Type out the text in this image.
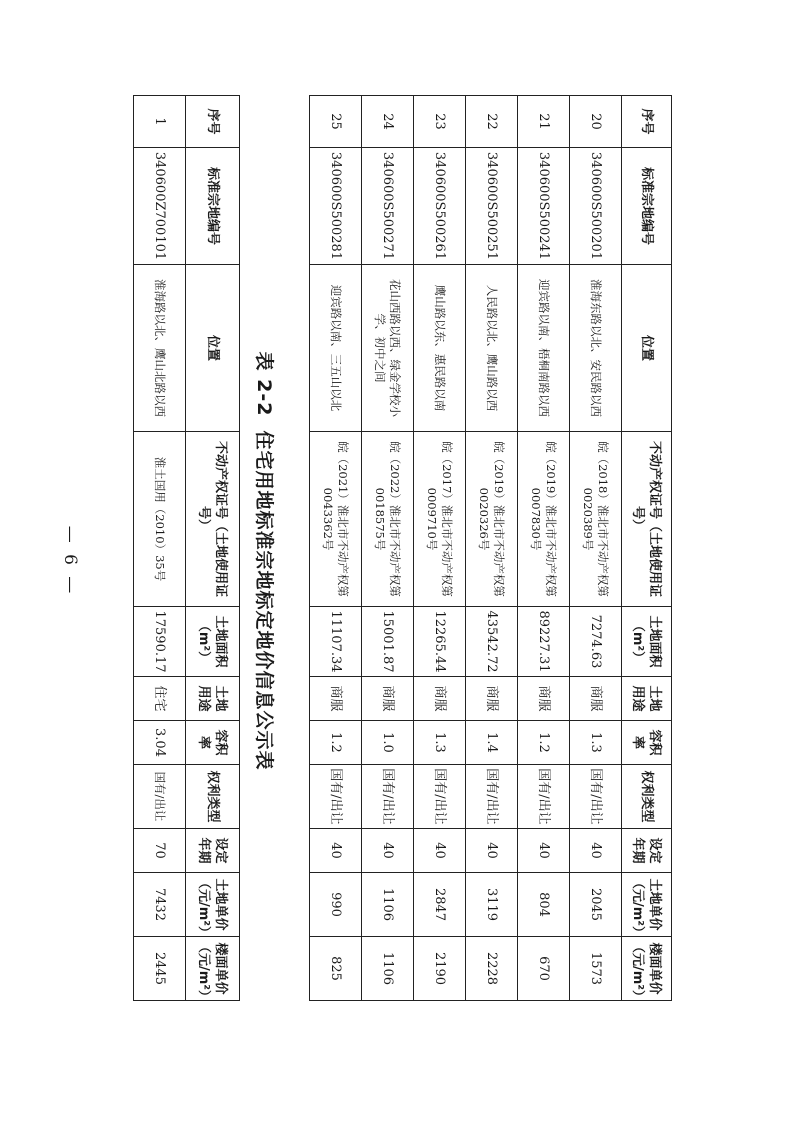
序号	标准宗地编号	位置	不动产权证号（土地使用证号）	土地面积（m²）	土地用途	容积率	权利类型	设定年期	土地单价（元/m²）	楼面单价（元/m²）
20	340600S500201	淮海东路以北、安民路以西	皖（2018）淮北市不动产权第0020389号	7274.63	商服	1.3	国有/出让	40	2045	1573
21	340600S500241	迎宾路以南、梧桐南路以西	皖（2019）淮北市不动产权第0007830号	89227.31	商服	1.2	国有/出让	40	804	670
22	340600S500251	人民路以北、鹰山路以西	皖（2019）淮北市不动产权第0020326号	43542.72	商服	1.4	国有/出让	40	3119	2228
23	340600S500261	鹰山路以东、惠民路以南	皖（2017）淮北市不动产权第0009710号	12265.44	商服	1.3	国有/出让	40	2847	2190
24	340600S500271	花山西路以西、绿金学校小学、初中之间	皖（2022）淮北市不动产权第0018575号	15001.87	商服	1.0	国有/出让	40	1106	1106
25	340600S500281	迎宾路以南、三五山以北	皖（2021）淮北市不动产权第0043362号	11107.34	商服	1.2	国有/出让	40	990	825
表 2-2住宅用地标准宗地标定地价信息公示表
序号	标准宗地编号	位置	不动产权证号（土地使用证号）	土地面积（m²）	土地用途	容积率	权利类型	设定年期	土地单价（元/m²）	楼面单价（元/m²）
1	340600Z700101	淮海路以北、鹰山北路以西	淮土国用（2010）35号	17590.17	住宅	3.04	国有/出让	70	7432	2445
— 6 —
